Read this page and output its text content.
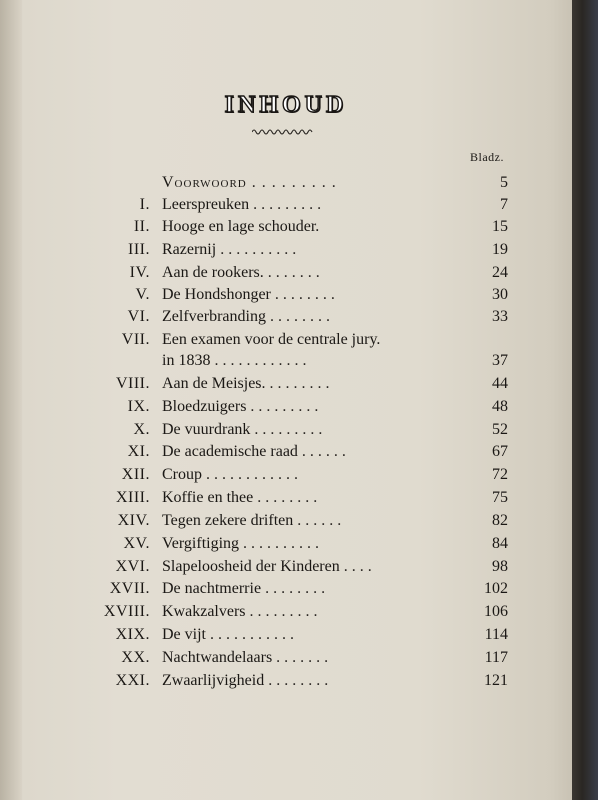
INHOUD
Bladz.
Voorwoord . . . . . . . . .	5
I. Leerspreuken . . . . . . . . .	7
II. Hooge en lage schouder.	15
III. Razernij . . . . . . . . . .	19
IV. Aan de rookers. . . . . . . .	24
V. De Hondshonger . . . . . . . .	30
VI. Zelfverbranding . . . . . . . .	33
VII. Een examen voor de centrale jury.
in 1838 . . . . . . . . . . . .	37
VIII. Aan de Meisjes. . . . . . . . .	44
IX. Bloedzuigers . . . . . . . . .	48
X. De vuurdrank . . . . . . . . .	52
XI. De academische raad . . . . . .	67
XII. Croup . . . . . . . . . . . .	72
XIII. Koffie en thee . . . . . . . .	75
XIV. Tegen zekere driften . . . . . .	82
XV. Vergiftiging . . . . . . . . . .	84
XVI. Slapeloosheid der Kinderen . . . .	98
XVII. De nachtmerrie . . . . . . . .	102
XVIII. Kwakzalvers . . . . . . . . .	106
XIX. De vijt . . . . . . . . . . .	114
XX. Nachtwandelaars . . . . . . .	117
XXI. Zwaarlijvigheid . . . . . . . .	121
